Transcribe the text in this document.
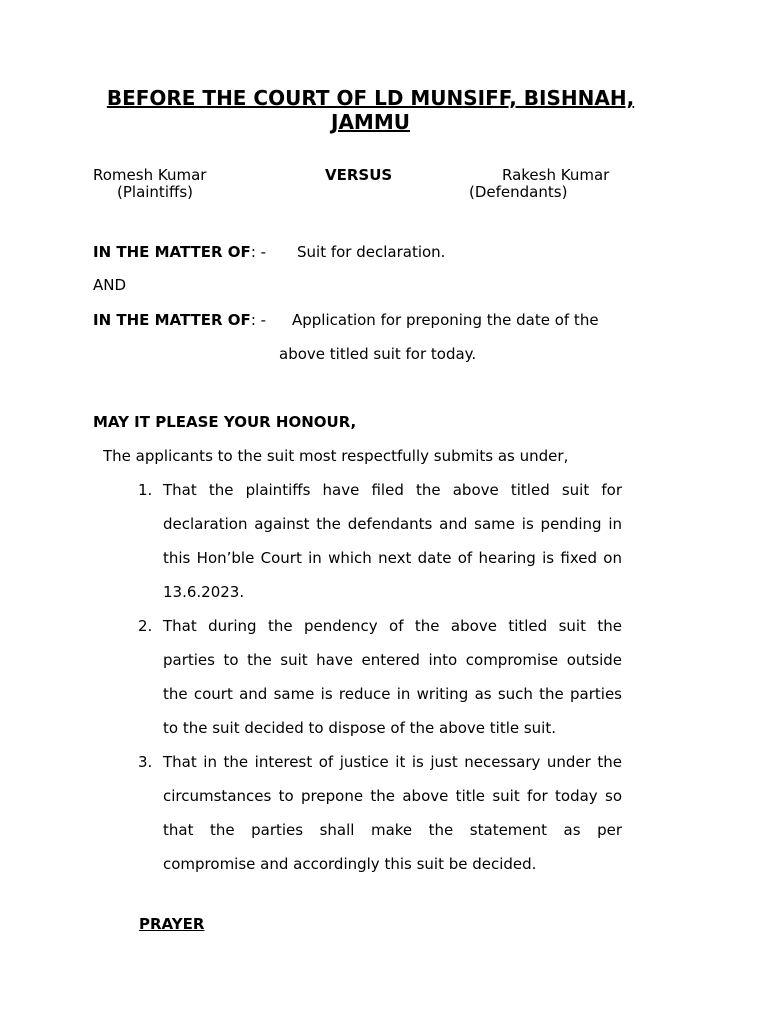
BEFORE THE COURT OF LD MUNSIFF, BISHNAH,
JAMMU
Romesh Kumar	VERSUS	Rakesh Kumar
(Plaintiffs)	(Defendants)
IN THE MATTER OF: - Suit for declaration.
AND
IN THE MATTER OF: - Application for preponing the date of the
above titled suit for today.
MAY IT PLEASE YOUR HONOUR,
The applicants to the suit most respectfully submits as under,
1. That the plaintiffs have filed the above titled suit for
declaration against the defendants and same is pending in
this Hon’ble Court in which next date of hearing is fixed on
13.6.2023.
2. That during the pendency of the above titled suit the
parties to the suit have entered into compromise outside
the court and same is reduce in writing as such the parties
to the suit decided to dispose of the above title suit.
3. That in the interest of justice it is just necessary under the
circumstances to prepone the above title suit for today so
that the parties shall make the statement as per
compromise and accordingly this suit be decided.
PRAYER
